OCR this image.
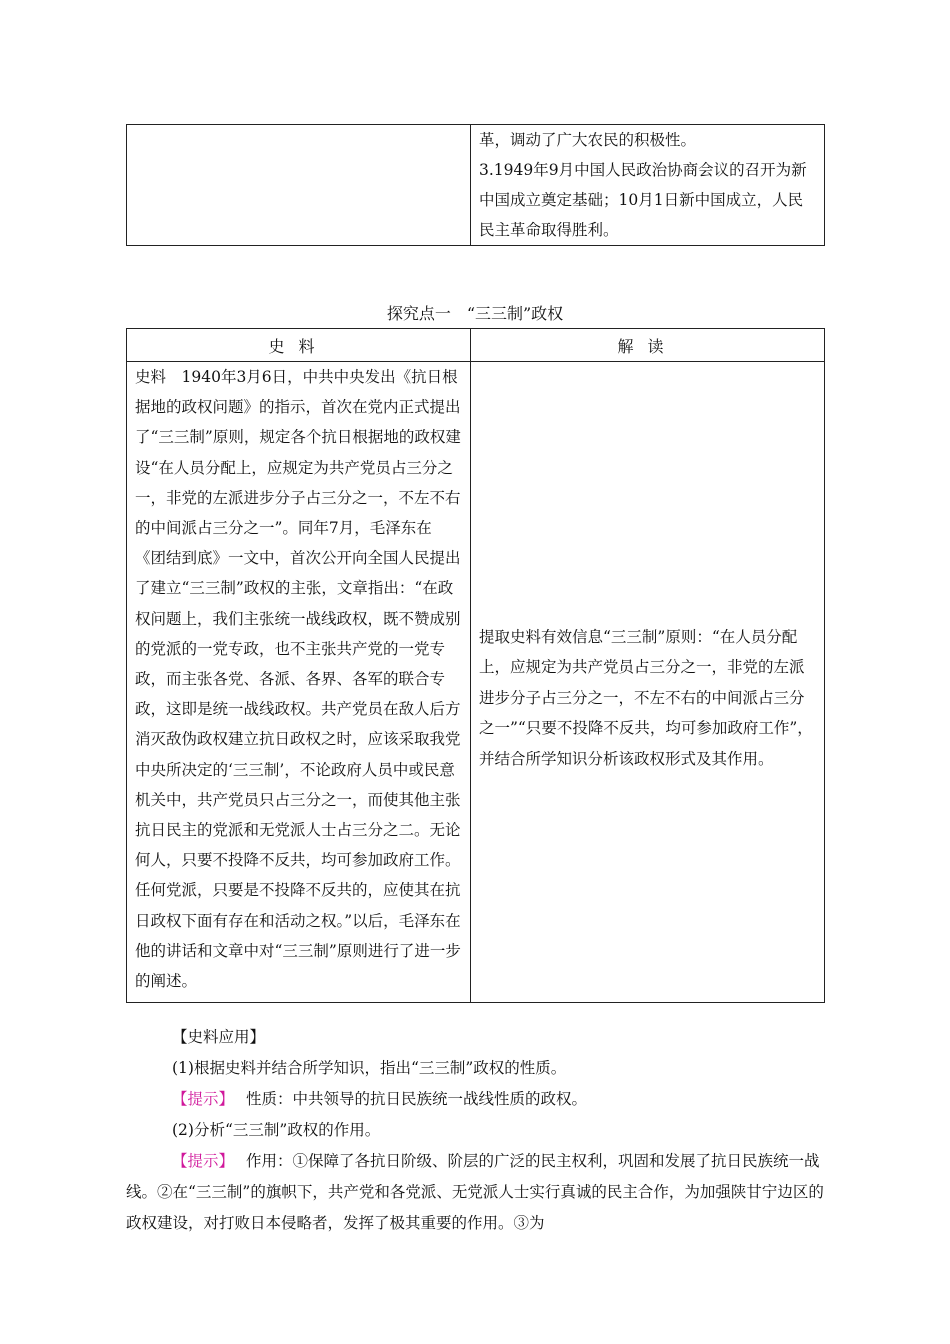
革，调动了广大农民的积极性。
3.1949年9月中国人民政治协商会议的召开为新中国成立奠定基础；10月1日新中国成立，人民民主革命取得胜利。
探究点一　“三三制”政权
史料	解读

史料　1940年3月6日，中共中央发出《抗日根据地的政权问题》的指示，首次在党内正式提出了“三三制”原则，规定各个抗日根据地的政权建设“在人员分配上，应规定为共产党员占三分之一，非党的左派进步分子占三分之一，不左不右的中间派占三分之一”。同年7月，毛泽东在《团结到底》一文中，首次公开向全国人民提出了建立“三三制”政权的主张，文章指出：“在政权问题上，我们主张统一战线政权，既不赞成别的党派的一党专政，也不主张共产党的一党专政，而主张各党、各派、各界、各军的联合专政，这即是统一战线政权。共产党员在敌人后方消灭敌伪政权建立抗日政权之时，应该采取我党中央所决定的‘三三制’，不论政府人员中或民意机关中，共产党员只占三分之一，而使其他主张抗日民主的党派和无党派人士占三分之二。无论何人，只要不投降不反共，均可参加政府工作。任何党派，只要是不投降不反共的，应使其在抗日政权下面有存在和活动之权。”以后，毛泽东在他的讲话和文章中对“三三制”原则进行了进一步的阐述。	提取史料有效信息“三三制”原则：“在人员分配上，应规定为共产党员占三分之一，非党的左派进步分子占三分之一，不左不右的中间派占三分之一”“只要不投降不反共，均可参加政府工作”，并结合所学知识分析该政权形式及其作用。

【史料应用】

(1)根据史料并结合所学知识，指出“三三制”政权的性质。

【提示】 性质：中共领导的抗日民族统一战线性质的政权。

(2)分析“三三制”政权的作用。

【提示】 作用：①保障了各抗日阶级、阶层的广泛的民主权利，巩固和发展了抗日民族统一战线。②在“三三制”的旗帜下，共产党和各党派、无党派人士实行真诚的民主合作，为加强陕甘宁边区的政权建设，对打败日本侵略者，发挥了极其重要的作用。③为
